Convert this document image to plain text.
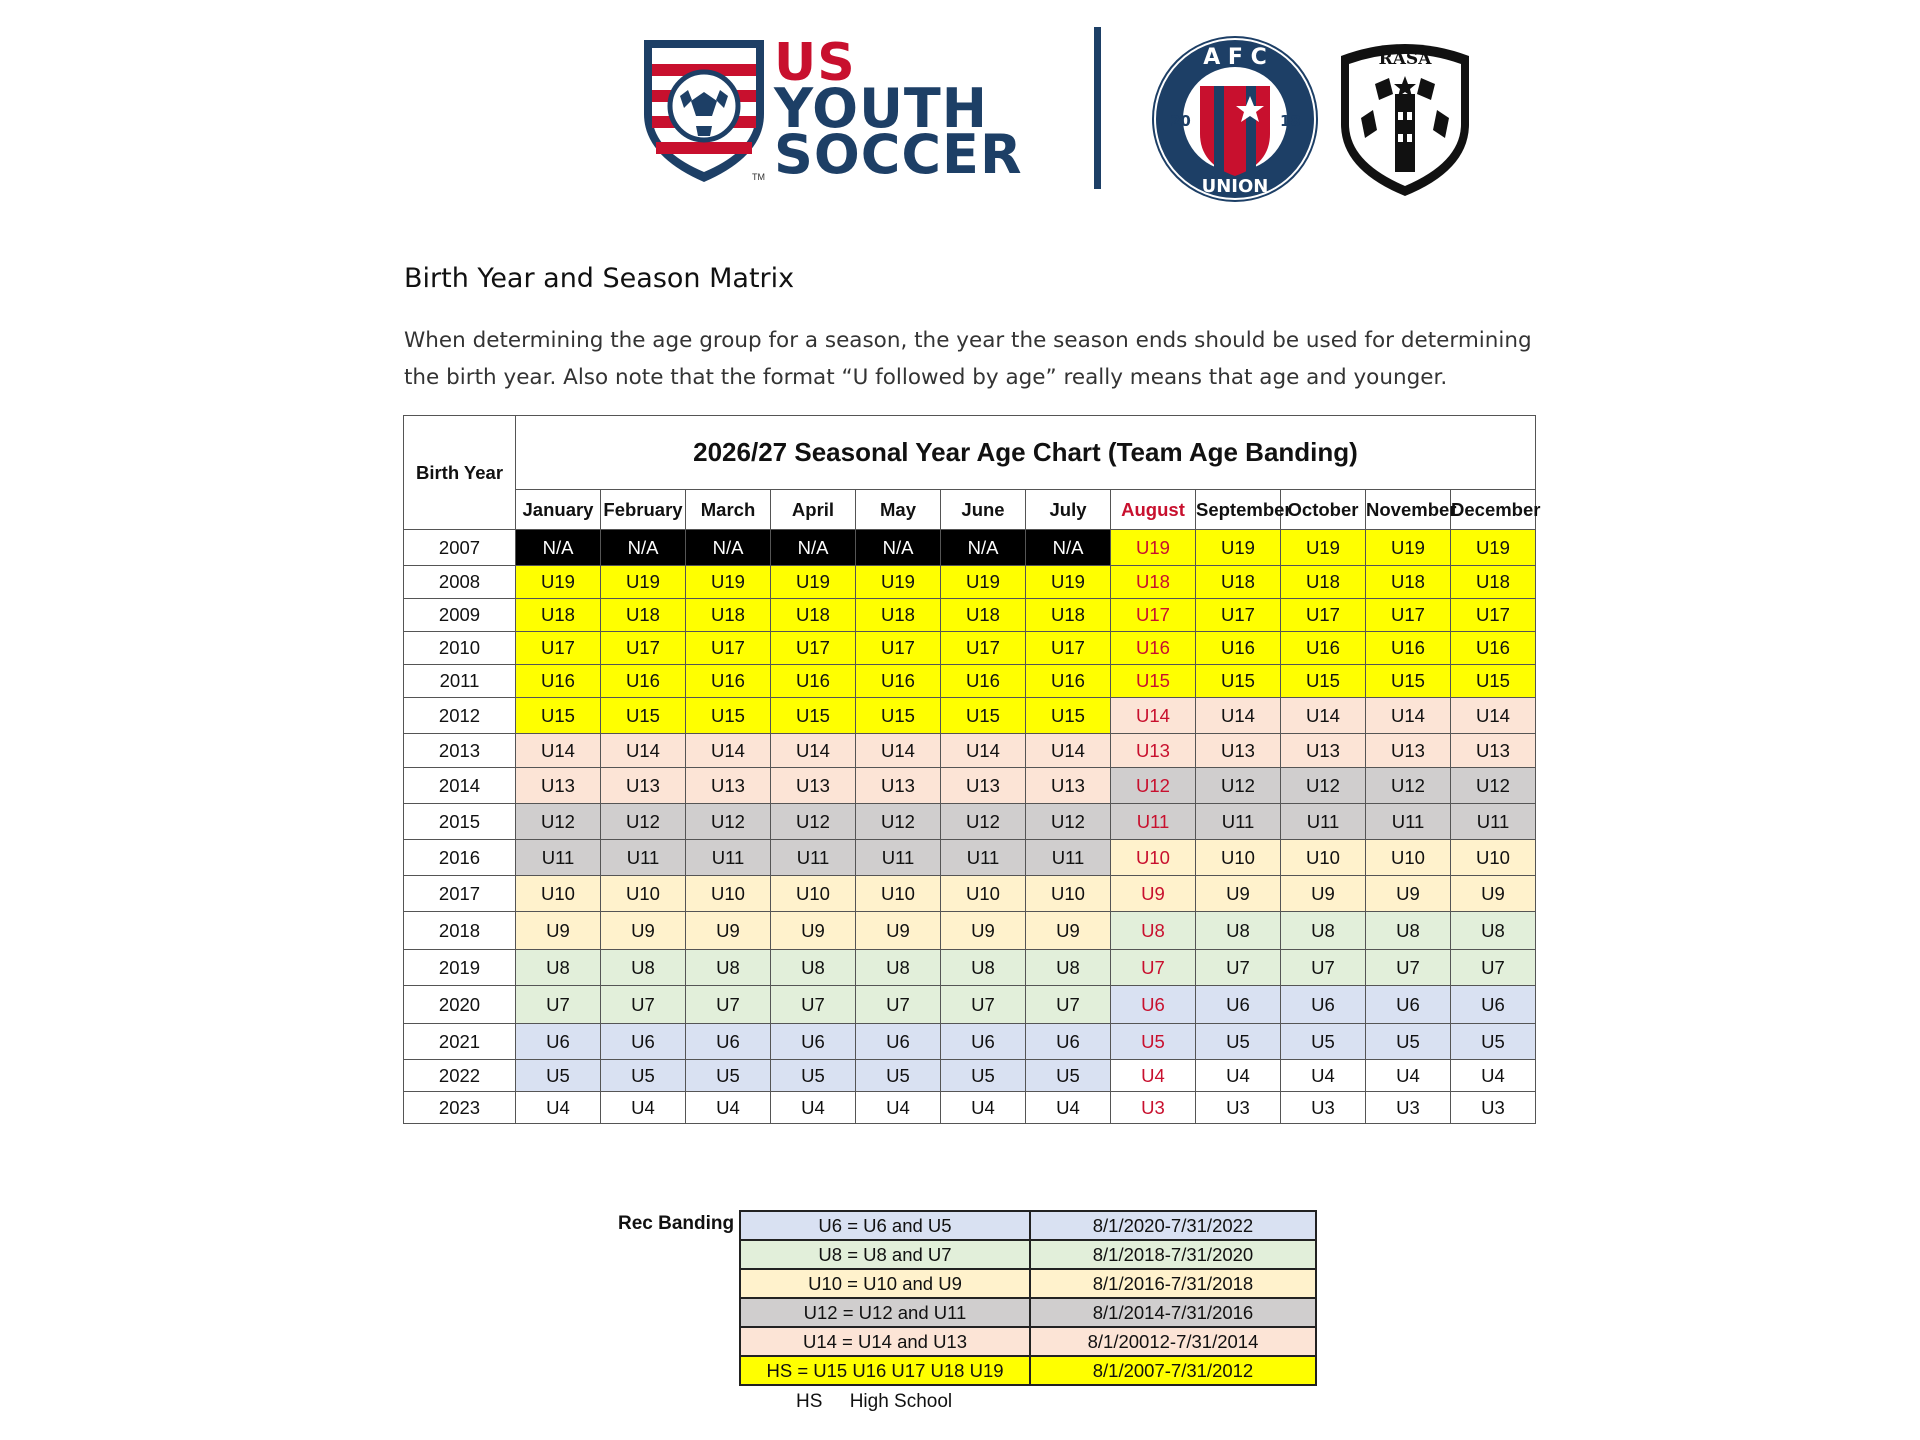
US
YOUTH
SOCCER
TM
A F C
20	18
UNION
RASA
Birth Year and Season Matrix
When determining the age group for a season, the year the season ends should be used for determining the birth year. Also note that the format “U followed by age” really means that age and younger.
Birth Year	2026/27 Seasonal Year Age Chart (Team Age Banding)											
	January	February	March	April	May	June	July	August	September	October	November	December
2007	N/A	N/A	N/A	N/A	N/A	N/A	N/A	U19	U19	U19	U19	U19
2008	U19	U19	U19	U19	U19	U19	U19	U18	U18	U18	U18	U18
2009	U18	U18	U18	U18	U18	U18	U18	U17	U17	U17	U17	U17
2010	U17	U17	U17	U17	U17	U17	U17	U16	U16	U16	U16	U16
2011	U16	U16	U16	U16	U16	U16	U16	U15	U15	U15	U15	U15
2012	U15	U15	U15	U15	U15	U15	U15	U14	U14	U14	U14	U14
2013	U14	U14	U14	U14	U14	U14	U14	U13	U13	U13	U13	U13
2014	U13	U13	U13	U13	U13	U13	U13	U12	U12	U12	U12	U12
2015	U12	U12	U12	U12	U12	U12	U12	U11	U11	U11	U11	U11
2016	U11	U11	U11	U11	U11	U11	U11	U10	U10	U10	U10	U10
2017	U10	U10	U10	U10	U10	U10	U10	U9	U9	U9	U9	U9
2018	U9	U9	U9	U9	U9	U9	U9	U8	U8	U8	U8	U8
2019	U8	U8	U8	U8	U8	U8	U8	U7	U7	U7	U7	U7
2020	U7	U7	U7	U7	U7	U7	U7	U6	U6	U6	U6	U6
2021	U6	U6	U6	U6	U6	U6	U6	U5	U5	U5	U5	U5
2022	U5	U5	U5	U5	U5	U5	U5	U4	U4	U4	U4	U4
2023	U4	U4	U4	U4	U4	U4	U4	U3	U3	U3	U3	U3
Rec Banding	U6 = U6 and U5	8/1/2020-7/31/2022
U8 = U8 and U7	8/1/2018-7/31/2020
U10 = U10 and U9	8/1/2016-7/31/2018
U12 = U12 and U11	8/1/2014-7/31/2016
U14 = U14 and U13	8/1/20012-7/31/2014
HS = U15 U16 U17 U18 U19	8/1/2007-7/31/2012
HS High School
